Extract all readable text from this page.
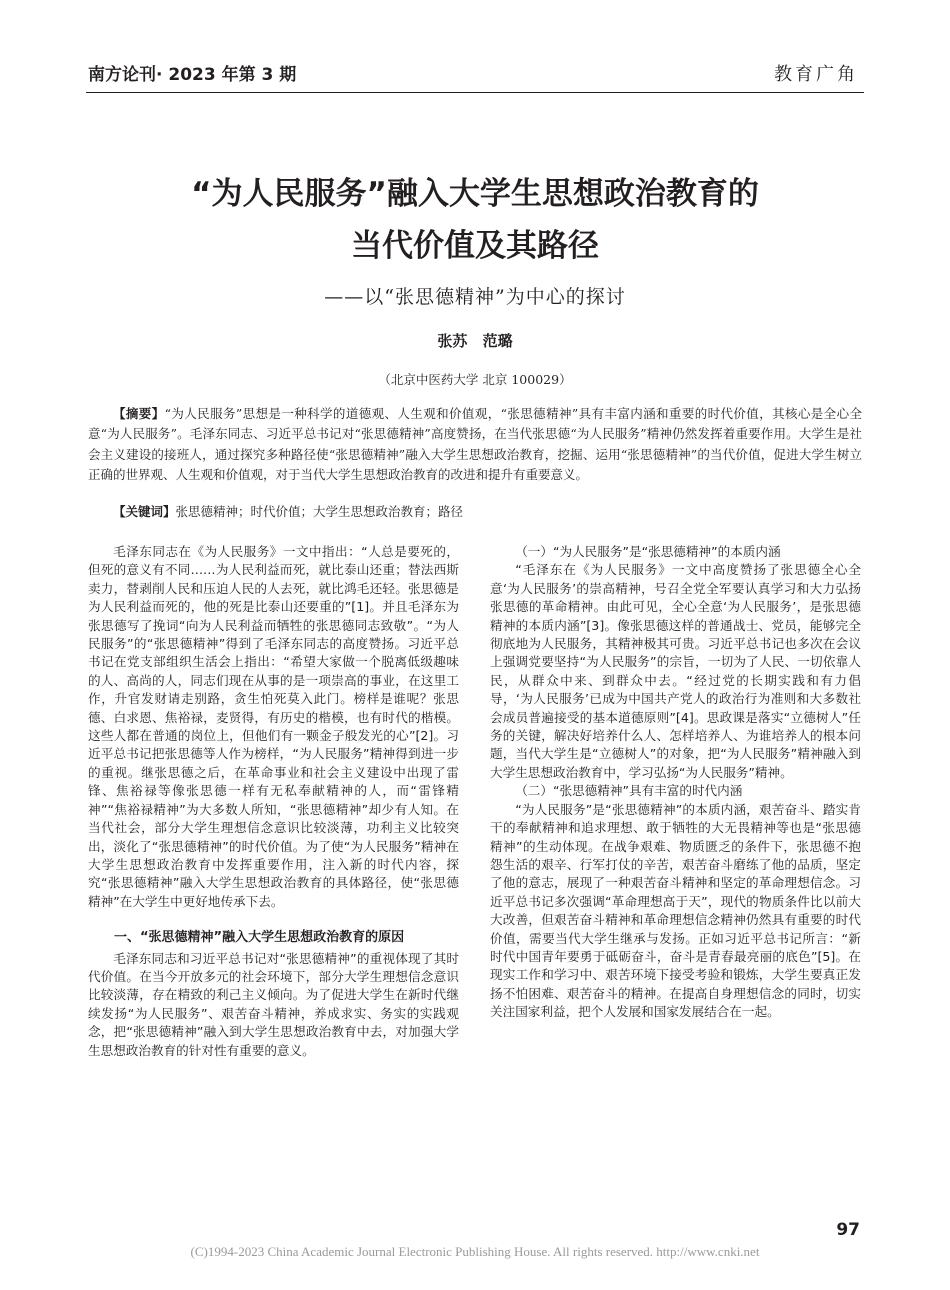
南方论刊· 2023 年第 3 期	教育广角
“为人民服务”融入大学生思想政治教育的
当代价值及其路径
——以“张思德精神”为中心的探讨
张苏 范璐
（北京中医药大学 北京 100029）
【摘要】“为人民服务”思想是一种科学的道德观、人生观和价值观，“张思德精神”具有丰富内涵和重要的时代价值，其核心是全心全意“为人民服务”。毛泽东同志、习近平总书记对“张思德精神”高度赞扬，在当代张思德“为人民服务”精神仍然发挥着重要作用。大学生是社会主义建设的接班人，通过探究多种路径使“张思德精神”融入大学生思想政治教育，挖掘、运用“张思德精神”的当代价值，促进大学生树立正确的世界观、人生观和价值观，对于当代大学生思想政治教育的改进和提升有重要意义。
【关键词】张思德精神；时代价值；大学生思想政治教育；路径

毛泽东同志在《为人民服务》一文中指出：“人总是要死的，但死的意义有不同……为人民利益而死，就比泰山还重；替法西斯卖力，替剥削人民和压迫人民的人去死，就比鸿毛还轻。张思德是为人民利益而死的，他的死是比泰山还要重的”[1]。并且毛泽东为张思德写了挽词“向为人民利益而牺牲的张思德同志致敬”。“为人民服务”的“张思德精神”得到了毛泽东同志的高度赞扬。习近平总书记在党支部组织生活会上指出：“希望大家做一个脱离低级趣味的人、高尚的人，同志们现在从事的是一项崇高的事业，在这里工作，升官发财请走别路，贪生怕死莫入此门。榜样是谁呢？张思德、白求恩、焦裕禄，麦贤得，有历史的楷模，也有时代的楷模。这些人都在普通的岗位上，但他们有一颗金子般发光的心”[2]。习近平总书记把张思德等人作为榜样，“为人民服务”精神得到进一步的重视。继张思德之后，在革命事业和社会主义建设中出现了雷锋、焦裕禄等像张思德一样有无私奉献精神的人，而“雷锋精神”“焦裕禄精神”为大多数人所知，“张思德精神”却少有人知。在当代社会，部分大学生理想信念意识比较淡薄，功利主义比较突出，淡化了“张思德精神”的时代价值。为了使“为人民服务”精神在大学生思想政治教育中发挥重要作用，注入新的时代内容，探究“张思德精神”融入大学生思想政治教育的具体路径，使“张思德精神”在大学生中更好地传承下去。

一、“张思德精神”融入大学生思想政治教育的原因

毛泽东同志和习近平总书记对“张思德精神”的重视体现了其时代价值。在当今开放多元的社会环境下，部分大学生理想信念意识比较淡薄，存在精致的利己主义倾向。为了促进大学生在新时代继续发扬“为人民服务”、艰苦奋斗精神，养成求实、务实的实践观念，把“张思德精神”融入到大学生思想政治教育中去，对加强大学生思想政治教育的针对性有重要的意义。

（一）“为人民服务”是“张思德精神”的本质内涵

“毛泽东在《为人民服务》一文中高度赞扬了张思德全心全意‘为人民服务’的崇高精神，号召全党全军要认真学习和大力弘扬张思德的革命精神。由此可见，全心全意‘为人民服务’，是张思德精神的本质内涵”[3]。像张思德这样的普通战士、党员，能够完全彻底地为人民服务，其精神极其可贵。习近平总书记也多次在会议上强调党要坚持“为人民服务”的宗旨，一切为了人民、一切依靠人民，从群众中来、到群众中去。“经过党的长期实践和有力倡导，‘为人民服务’已成为中国共产党人的政治行为准则和大多数社会成员普遍接受的基本道德原则”[4]。思政课是落实“立德树人”任务的关键，解决好培养什么人、怎样培养人、为谁培养人的根本问题，当代大学生是“立德树人”的对象，把“为人民服务”精神融入到大学生思想政治教育中，学习弘扬“为人民服务”精神。

（二）“张思德精神”具有丰富的时代内涵

“为人民服务”是“张思德精神”的本质内涵，艰苦奋斗、踏实肯干的奉献精神和追求理想、敢于牺牲的大无畏精神等也是“张思德精神”的生动体现。在战争艰难、物质匮乏的条件下，张思德不抱怨生活的艰辛、行军打仗的辛苦，艰苦奋斗磨练了他的品质，坚定了他的意志，展现了一种艰苦奋斗精神和坚定的革命理想信念。习近平总书记多次强调“革命理想高于天”，现代的物质条件比以前大大改善，但艰苦奋斗精神和革命理想信念精神仍然具有重要的时代价值，需要当代大学生继承与发扬。正如习近平总书记所言：“新时代中国青年要勇于砥砺奋斗，奋斗是青春最亮丽的底色”[5]。在现实工作和学习中、艰苦环境下接受考验和锻炼，大学生要真正发扬不怕困难、艰苦奋斗的精神。在提高自身理想信念的同时，切实关注国家利益，把个人发展和国家发展结合在一起。

97
(C)1994-2023 China Academic Journal Electronic Publishing House. All rights reserved. http://www.cnki.net
